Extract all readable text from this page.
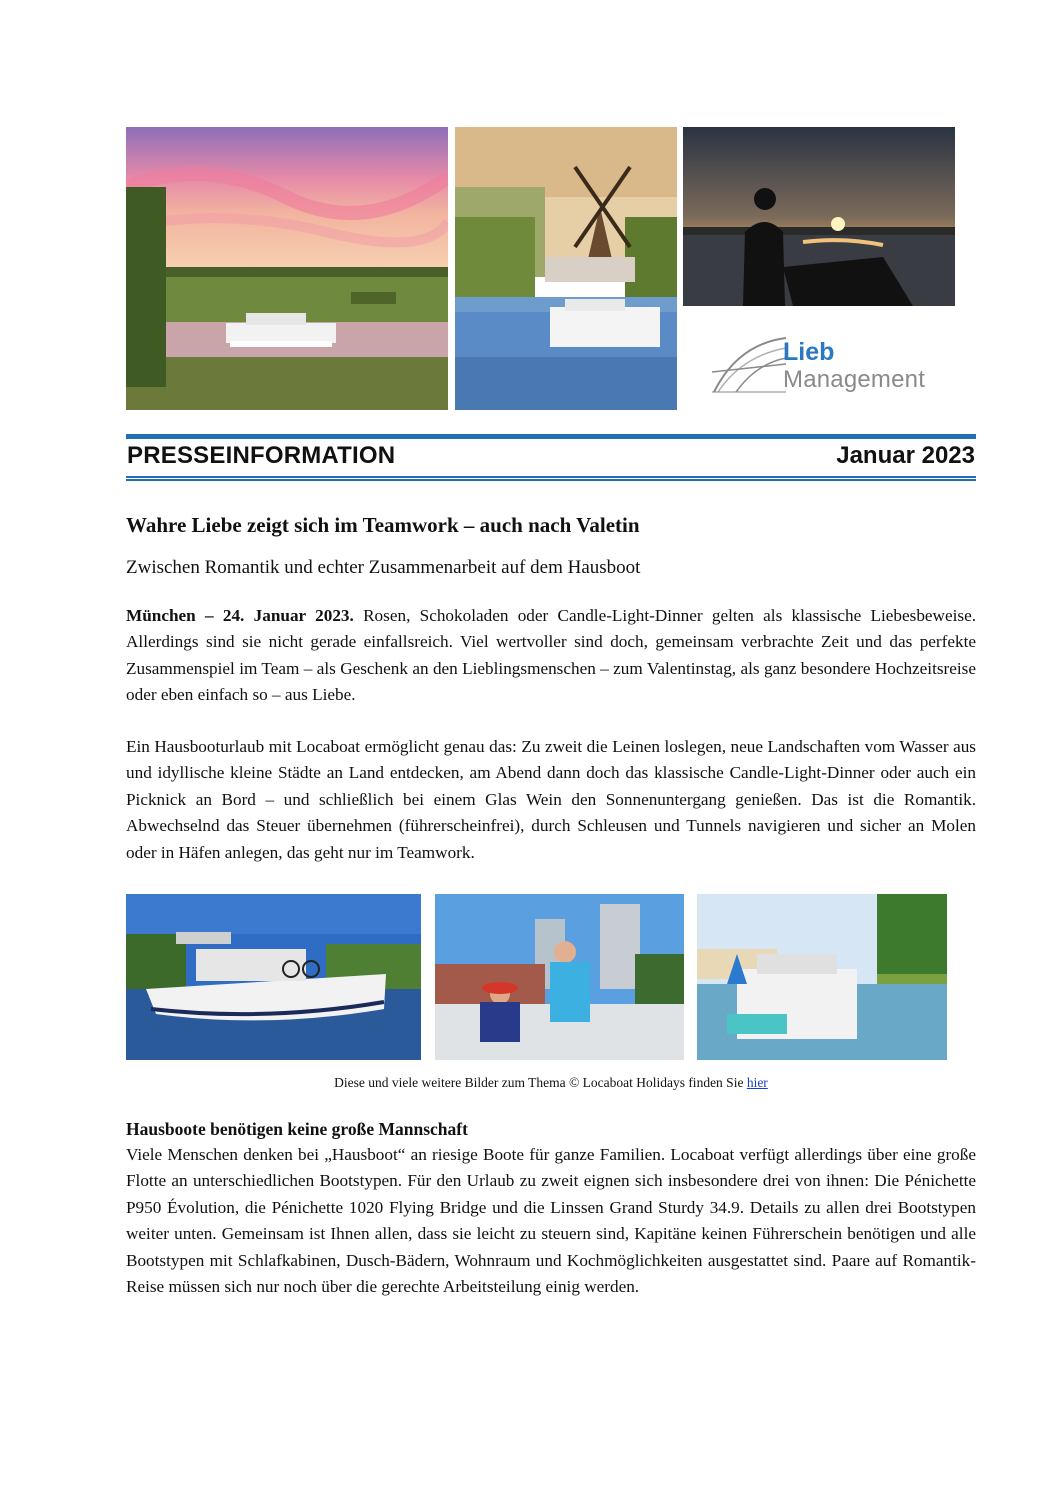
Lieb
Management
PRESSEINFORMATION	Januar 2023
Wahre Liebe zeigt sich im Teamwork – auch nach Valetin
Zwischen Romantik und echter Zusammenarbeit auf dem Hausboot
München – 24. Januar 2023. Rosen, Schokoladen oder Candle-Light-Dinner gelten als klassische Liebesbeweise. Allerdings sind sie nicht gerade einfallsreich. Viel wertvoller sind doch, gemeinsam verbrachte Zeit und das perfekte Zusammenspiel im Team – als Geschenk an den Lieblingsmenschen – zum Valentinstag, als ganz besondere Hochzeitsreise oder eben einfach so – aus Liebe.
Ein Hausbooturlaub mit Locaboat ermöglicht genau das: Zu zweit die Leinen loslegen, neue Landschaften vom Wasser aus und idyllische kleine Städte an Land entdecken, am Abend dann doch das klassische Candle-Light-Dinner oder auch ein Picknick an Bord – und schließlich bei einem Glas Wein den Sonnenuntergang genießen. Das ist die Romantik. Abwechselnd das Steuer übernehmen (führerscheinfrei), durch Schleusen und Tunnels navigieren und sicher an Molen oder in Häfen anlegen, das geht nur im Teamwork.
Diese und viele weitere Bilder zum Thema © Locaboat Holidays finden Sie hier
Hausboote benötigen keine große Mannschaft
Viele Menschen denken bei „Hausboot“ an riesige Boote für ganze Familien. Locaboat verfügt allerdings über eine große Flotte an unterschiedlichen Bootstypen. Für den Urlaub zu zweit eignen sich insbesondere drei von ihnen: Die Pénichette P950 Évolution, die Pénichette 1020 Flying Bridge und die Linssen Grand Sturdy 34.9. Details zu allen drei Bootstypen weiter unten. Gemeinsam ist Ihnen allen, dass sie leicht zu steuern sind, Kapitäne keinen Führerschein benötigen und alle Bootstypen mit Schlafkabinen, Dusch-Bädern, Wohnraum und Kochmöglichkeiten ausgestattet sind. Paare auf Romantik-Reise müssen sich nur noch über die gerechte Arbeitsteilung einig werden.
